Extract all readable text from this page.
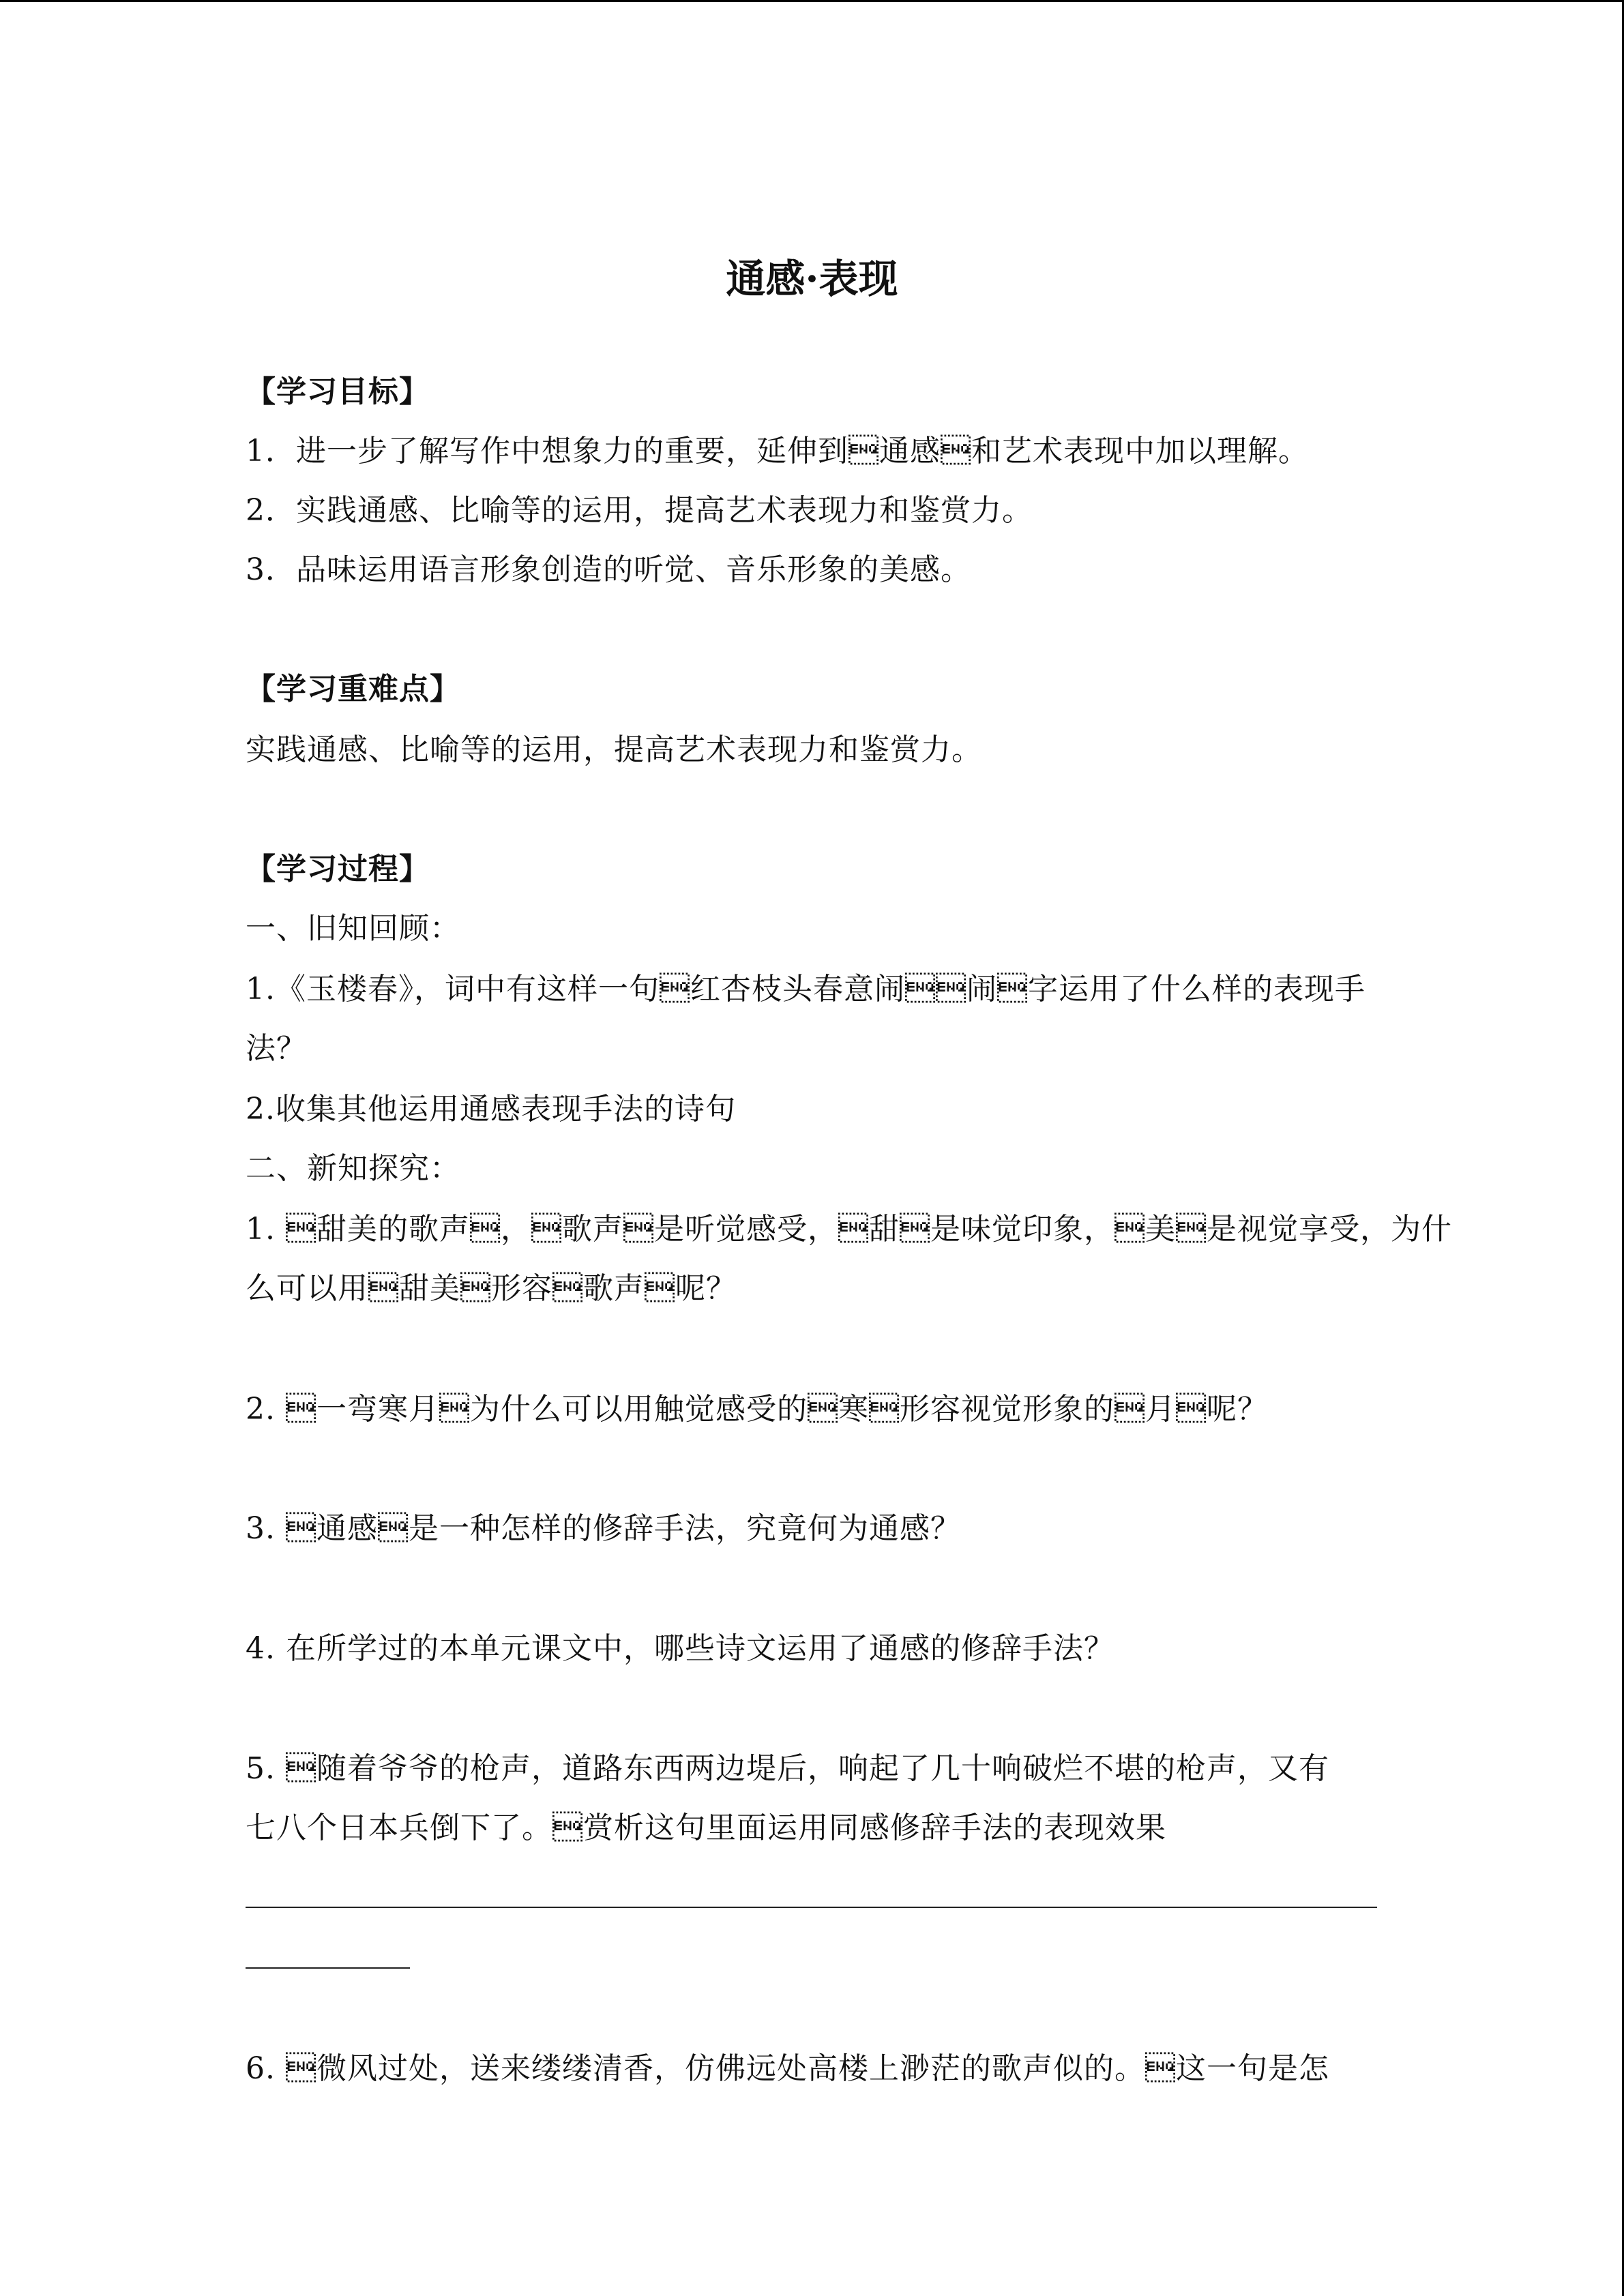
通感·表现
【学习目标】
1．进一步了解写作中想象力的重要，延伸到通感和艺术表现中加以理解。
2．实践通感、比喻等的运用，提高艺术表现力和鉴赏力。
3．品味运用语言形象创造的听觉、音乐形象的美感。
【学习重难点】
实践通感、比喻等的运用，提高艺术表现力和鉴赏力。
【学习过程】
一、旧知回顾：
1.《玉楼春》，词中有这样一句红杏枝头春意闹闹字运用了什么样的表现手
法？
2.收集其他运用通感表现手法的诗句
二、新知探究：
1. 甜美的歌声，歌声是听觉感受，甜是味觉印象，美是视觉享受，为什
么可以用甜美形容歌声呢？
2. 一弯寒月为什么可以用触觉感受的寒形容视觉形象的月呢？
3. 通感是一种怎样的修辞手法，究竟何为通感？
4. 在所学过的本单元课文中，哪些诗文运用了通感的修辞手法？
5. 随着爷爷的枪声，道路东西两边堤后，响起了几十响破烂不堪的枪声，又有
七八个日本兵倒下了。赏析这句里面运用同感修辞手法的表现效果
6. 微风过处，送来缕缕清香，仿佛远处高楼上渺茫的歌声似的。这一句是怎
